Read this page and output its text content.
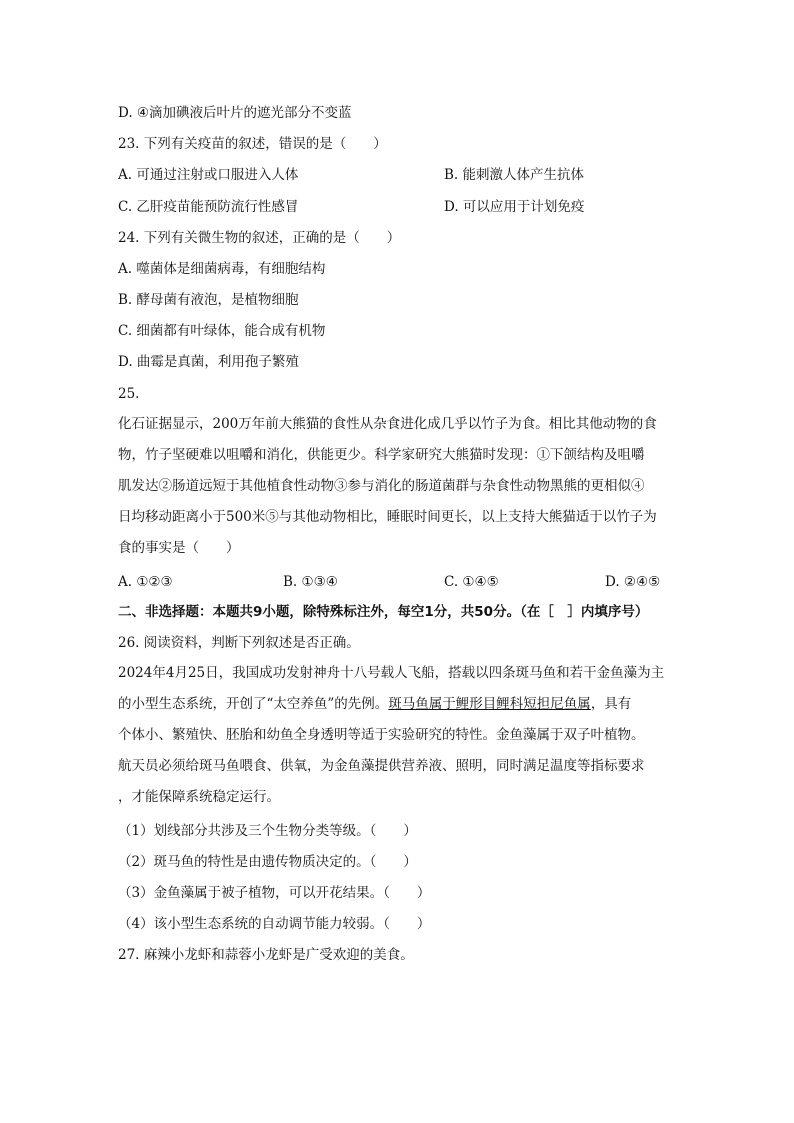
D. ④滴加碘液后叶片的遮光部分不变蓝
23. 下列有关疫苗的叙述，错误的是（　　）
A. 可通过注射或口服进入人体	B. 能刺激人体产生抗体
C. 乙肝疫苗能预防流行性感冒	D. 可以应用于计划免疫
24. 下列有关微生物的叙述，正确的是（　　）
A. 噬菌体是细菌病毒，有细胞结构
B. 酵母菌有液泡，是植物细胞
C. 细菌都有叶绿体，能合成有机物
D. 曲霉是真菌，利用孢子繁殖
25.
化石证据显示，200万年前大熊猫的食性从杂食进化成几乎以竹子为食。相比其他动物的食
物，竹子坚硬难以咀嚼和消化，供能更少。科学家研究大熊猫时发现：①下颌结构及咀嚼
肌发达②肠道远短于其他植食性动物③参与消化的肠道菌群与杂食性动物黑熊的更相似④
日均移动距离小于500米⑤与其他动物相比，睡眠时间更长，以上支持大熊猫适于以竹子为
食的事实是（　　）
A. ①②③	B. ①③④	C. ①④⑤	D. ②④⑤
二、非选择题：本题共9小题，除特殊标注外，每空1分，共50分。（在［　］内填序号）
26. 阅读资料，判断下列叙述是否正确。
2024年4月25日，我国成功发射神舟十八号载人飞船，搭载以四条斑马鱼和若干金鱼藻为主
的小型生态系统，开创了“太空养鱼”的先例。斑马鱼属于鲤形目鲤科短担尼鱼属，具有
个体小、繁殖快、胚胎和幼鱼全身透明等适于实验研究的特性。金鱼藻属于双子叶植物。
航天员必须给斑马鱼喂食、供氧，为金鱼藻提供营养液、照明，同时满足温度等指标要求
，才能保障系统稳定运行。
（1）划线部分共涉及三个生物分类等级。（　　）
（2）斑马鱼的特性是由遗传物质决定的。（　　）
（3）金鱼藻属于被子植物，可以开花结果。（　　）
（4）该小型生态系统的自动调节能力较弱。（　　）
27. 麻辣小龙虾和蒜蓉小龙虾是广受欢迎的美食。
